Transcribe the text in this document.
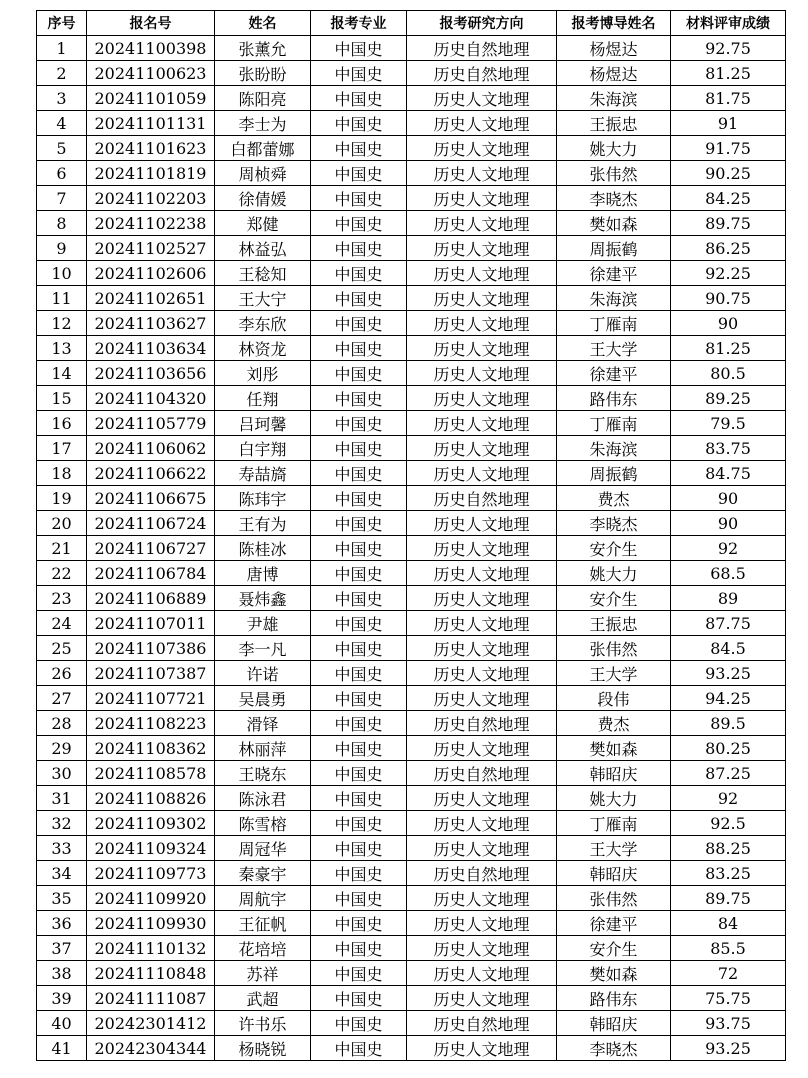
序号	报名号	姓名	报考专业	报考研究方向	报考博导姓名	材料评审成绩
1	20241100398	张薰允	中国史	历史自然地理	杨煜达	92.75
2	20241100623	张盼盼	中国史	历史自然地理	杨煜达	81.25
3	20241101059	陈阳亮	中国史	历史人文地理	朱海滨	81.75
4	20241101131	李士为	中国史	历史人文地理	王振忠	91
5	20241101623	白都蕾娜	中国史	历史人文地理	姚大力	91.75
6	20241101819	周桢舜	中国史	历史人文地理	张伟然	90.25
7	20241102203	徐倩媛	中国史	历史人文地理	李晓杰	84.25
8	20241102238	郑健	中国史	历史人文地理	樊如森	89.75
9	20241102527	林益弘	中国史	历史人文地理	周振鹤	86.25
10	20241102606	王稔知	中国史	历史人文地理	徐建平	92.25
11	20241102651	王大宁	中国史	历史人文地理	朱海滨	90.75
12	20241103627	李东欣	中国史	历史人文地理	丁雁南	90
13	20241103634	林资龙	中国史	历史人文地理	王大学	81.25
14	20241103656	刘彤	中国史	历史人文地理	徐建平	80.5
15	20241104320	任翔	中国史	历史人文地理	路伟东	89.25
16	20241105779	吕珂馨	中国史	历史人文地理	丁雁南	79.5
17	20241106062	白宇翔	中国史	历史人文地理	朱海滨	83.75
18	20241106622	寿喆旖	中国史	历史人文地理	周振鹤	84.75
19	20241106675	陈玮宇	中国史	历史自然地理	费杰	90
20	20241106724	王有为	中国史	历史人文地理	李晓杰	90
21	20241106727	陈桂冰	中国史	历史人文地理	安介生	92
22	20241106784	唐博	中国史	历史人文地理	姚大力	68.5
23	20241106889	聂炜鑫	中国史	历史人文地理	安介生	89
24	20241107011	尹雄	中国史	历史人文地理	王振忠	87.75
25	20241107386	李一凡	中国史	历史人文地理	张伟然	84.5
26	20241107387	许诺	中国史	历史人文地理	王大学	93.25
27	20241107721	吴晨勇	中国史	历史人文地理	段伟	94.25
28	20241108223	滑铎	中国史	历史自然地理	费杰	89.5
29	20241108362	林丽萍	中国史	历史人文地理	樊如森	80.25
30	20241108578	王晓东	中国史	历史自然地理	韩昭庆	87.25
31	20241108826	陈泳君	中国史	历史人文地理	姚大力	92
32	20241109302	陈雪榕	中国史	历史人文地理	丁雁南	92.5
33	20241109324	周冠华	中国史	历史人文地理	王大学	88.25
34	20241109773	秦豪宇	中国史	历史自然地理	韩昭庆	83.25
35	20241109920	周航宇	中国史	历史人文地理	张伟然	89.75
36	20241109930	王征帆	中国史	历史人文地理	徐建平	84
37	20241110132	花培培	中国史	历史人文地理	安介生	85.5
38	20241110848	苏祥	中国史	历史人文地理	樊如森	72
39	20241111087	武超	中国史	历史人文地理	路伟东	75.75
40	20242301412	许书乐	中国史	历史自然地理	韩昭庆	93.75
41	20242304344	杨晓锐	中国史	历史人文地理	李晓杰	93.25
